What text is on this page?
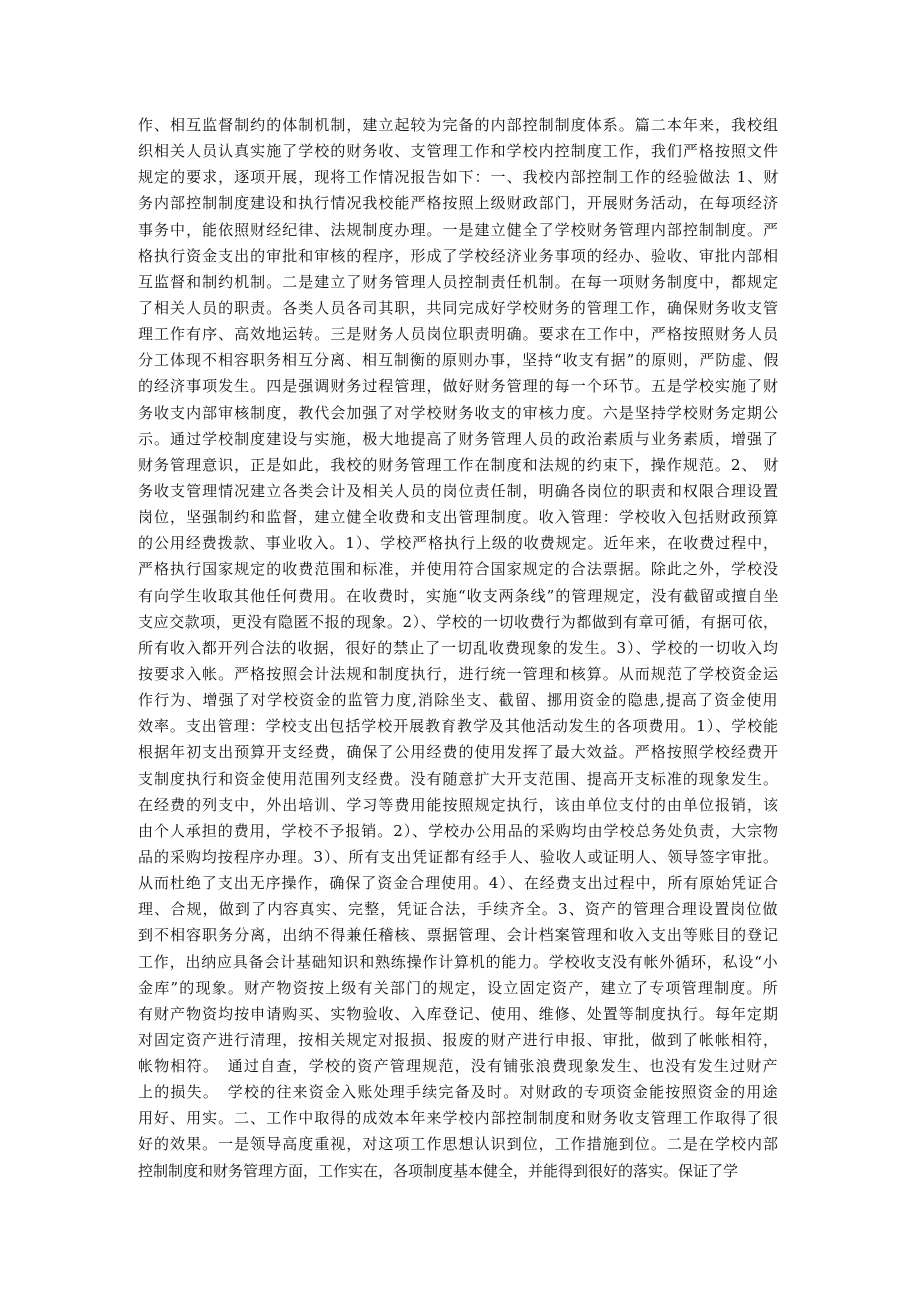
作、相互监督制约的体制机制，建立起较为完备的内部控制制度体系。篇二本年来，我校组
织相关人员认真实施了学校的财务收、支管理工作和学校内控制度工作，我们严格按照文件
规定的要求，逐项开展，现将工作情况报告如下：一、我校内部控制工作的经验做法 1、财
务内部控制制度建设和执行情况我校能严格按照上级财政部门，开展财务活动，在每项经济
事务中，能依照财经纪律、法规制度办理。一是建立健全了学校财务管理内部控制制度。严
格执行资金支出的审批和审核的程序，形成了学校经济业务事项的经办、验收、审批内部相
互监督和制约机制。二是建立了财务管理人员控制责任机制。在每一项财务制度中，都规定
了相关人员的职责。各类人员各司其职，共同完成好学校财务的管理工作，确保财务收支管
理工作有序、高效地运转。三是财务人员岗位职责明确。要求在工作中，严格按照财务人员
分工体现不相容职务相互分离、相互制衡的原则办事，坚持“收支有据”的原则，严防虚、假
的经济事项发生。四是强调财务过程管理，做好财务管理的每一个环节。五是学校实施了财
务收支内部审核制度，教代会加强了对学校财务收支的审核力度。六是坚持学校财务定期公
示。通过学校制度建设与实施，极大地提高了财务管理人员的政治素质与业务素质，增强了
财务管理意识，正是如此，我校的财务管理工作在制度和法规的约束下，操作规范。2、 财
务收支管理情况建立各类会计及相关人员的岗位责任制，明确各岗位的职责和权限合理设置
岗位，坚强制约和监督，建立健全收费和支出管理制度。收入管理：学校收入包括财政预算
的公用经费拨款、事业收入。1）、学校严格执行上级的收费规定。近年来，在收费过程中，
严格执行国家规定的收费范围和标准，并使用符合国家规定的合法票据。除此之外，学校没
有向学生收取其他任何费用。在收费时，实施“收支两条线”的管理规定，没有截留或擅自坐
支应交款项，更没有隐匿不报的现象。2）、学校的一切收费行为都做到有章可循，有据可依，
所有收入都开列合法的收据，很好的禁止了一切乱收费现象的发生。3）、学校的一切收入均
按要求入帐。严格按照会计法规和制度执行，进行统一管理和核算。从而规范了学校资金运
作行为、增强了对学校资金的监管力度,消除坐支、截留、挪用资金的隐患,提高了资金使用
效率。支出管理：学校支出包括学校开展教育教学及其他活动发生的各项费用。1）、学校能
根据年初支出预算开支经费，确保了公用经费的使用发挥了最大效益。严格按照学校经费开
支制度执行和资金使用范围列支经费。没有随意扩大开支范围、提高开支标准的现象发生。
在经费的列支中，外出培训、学习等费用能按照规定执行，该由单位支付的由单位报销，该
由个人承担的费用，学校不予报销。2）、学校办公用品的采购均由学校总务处负责，大宗物
品的采购均按程序办理。3）、所有支出凭证都有经手人、验收人或证明人、领导签字审批。
从而杜绝了支出无序操作，确保了资金合理使用。4）、在经费支出过程中，所有原始凭证合
理、合规，做到了内容真实、完整，凭证合法，手续齐全。3、资产的管理合理设置岗位做
到不相容职务分离，出纳不得兼任稽核、票据管理、会计档案管理和收入支出等账目的登记
工作，出纳应具备会计基础知识和熟练操作计算机的能力。学校收支没有帐外循环，私设“小
金库”的现象。财产物资按上级有关部门的规定，设立固定资产，建立了专项管理制度。所
有财产物资均按申请购买、实物验收、入库登记、使用、维修、处置等制度执行。每年定期
对固定资产进行清理，按相关规定对报损、报废的财产进行申报、审批，做到了帐帐相符，
帐物相符。　通过自查，学校的资产管理规范，没有铺张浪费现象发生、也没有发生过财产
上的损失。　学校的往来资金入账处理手续完备及时。对财政的专项资金能按照资金的用途
用好、用实。二、工作中取得的成效本年来学校内部控制制度和财务收支管理工作取得了很
好的效果。一是领导高度重视，对这项工作思想认识到位，工作措施到位。二是在学校内部
控制制度和财务管理方面，工作实在，各项制度基本健全，并能得到很好的落实。保证了学
